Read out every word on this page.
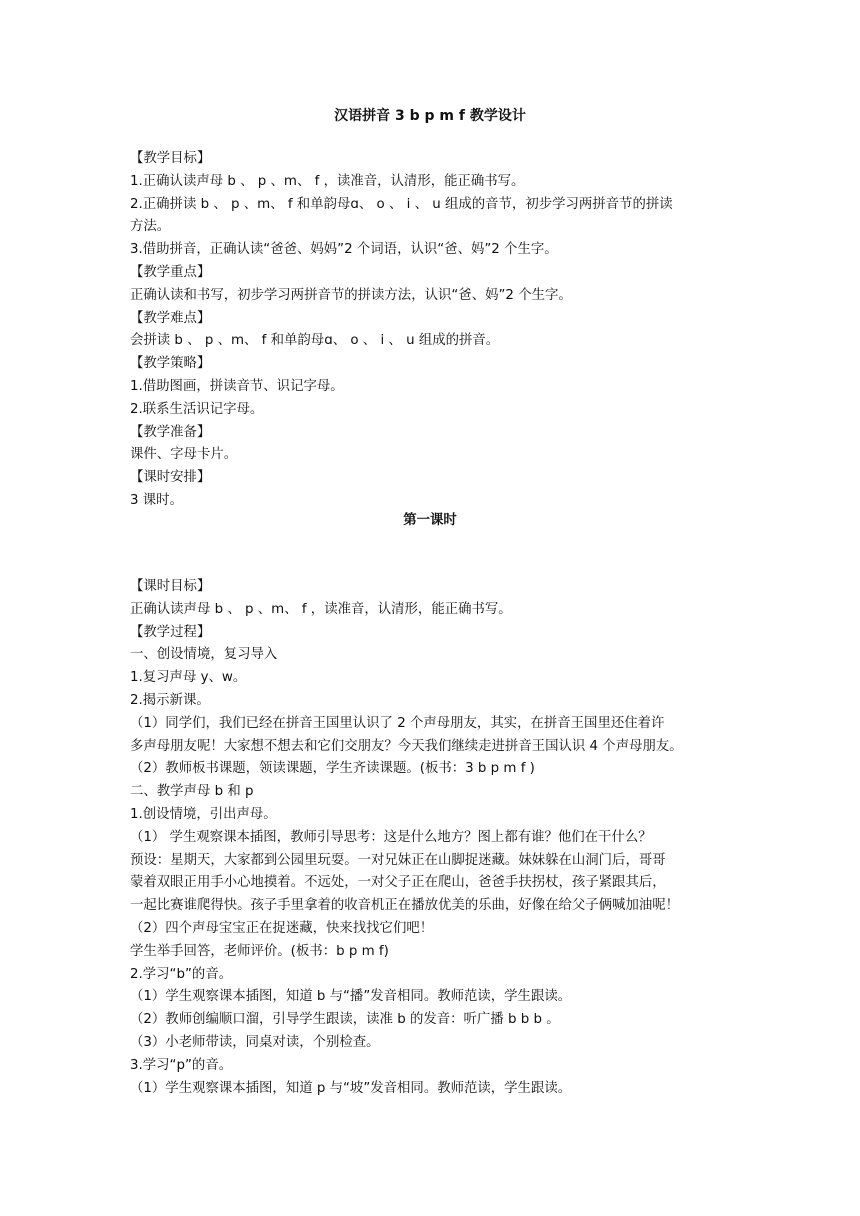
汉语拼音 3 b p m f 教学设计

【教学目标】

1.正确认读声母 b 、 p 、m、 f ，读准音，认清形，能正确书写。

2.正确拼读 b 、 p 、m、 f 和单韵母ɑ、 o 、 i 、 u 组成的音节，初步学习两拼音节的拼读

方法。

3.借助拼音，正确认读“爸爸、妈妈”2 个词语，认识“爸、妈”2 个生字。

【教学重点】

正确认读和书写，初步学习两拼音节的拼读方法，认识“爸、妈”2 个生字。

【教学难点】

会拼读 b 、 p 、m、 f 和单韵母ɑ、 o 、 i 、 u 组成的拼音。

【教学策略】

1.借助图画，拼读音节、识记字母。

2.联系生活识记字母。

【教学准备】

课件、字母卡片。

【课时安排】

3 课时。

第一课时

【课时目标】

正确认读声母 b 、 p 、m、 f ，读准音，认清形，能正确书写。

【教学过程】

一、创设情境，复习导入

1.复习声母 y、w。

2.揭示新课。

（1）同学们，我们已经在拼音王国里认识了 2 个声母朋友，其实，在拼音王国里还住着许

多声母朋友呢！大家想不想去和它们交朋友？今天我们继续走进拼音王国认识 4 个声母朋友。

（2）教师板书课题，领读课题，学生齐读课题。(板书：3 b p m f )

二、教学声母 b 和 p

1.创设情境，引出声母。

（1） 学生观察课本插图，教师引导思考：这是什么地方？图上都有谁？他们在干什么？

预设：星期天，大家都到公园里玩耍。一对兄妹正在山脚捉迷藏。妹妹躲在山洞门后，哥哥

蒙着双眼正用手小心地摸着。不远处，一对父子正在爬山，爸爸手扶拐杖，孩子紧跟其后，

一起比赛谁爬得快。孩子手里拿着的收音机正在播放优美的乐曲，好像在给父子俩喊加油呢！

（2）四个声母宝宝正在捉迷藏，快来找找它们吧！

学生举手回答，老师评价。(板书：b p m f)

2.学习“b”的音。

（1）学生观察课本插图，知道 b 与“播”发音相同。教师范读，学生跟读。

（2）教师创编顺口溜，引导学生跟读，读准 b 的发音：听广播 b b b 。

（3）小老师带读，同桌对读，个别检查。

3.学习“p”的音。

（1）学生观察课本插图，知道 p 与“坡”发音相同。教师范读，学生跟读。
